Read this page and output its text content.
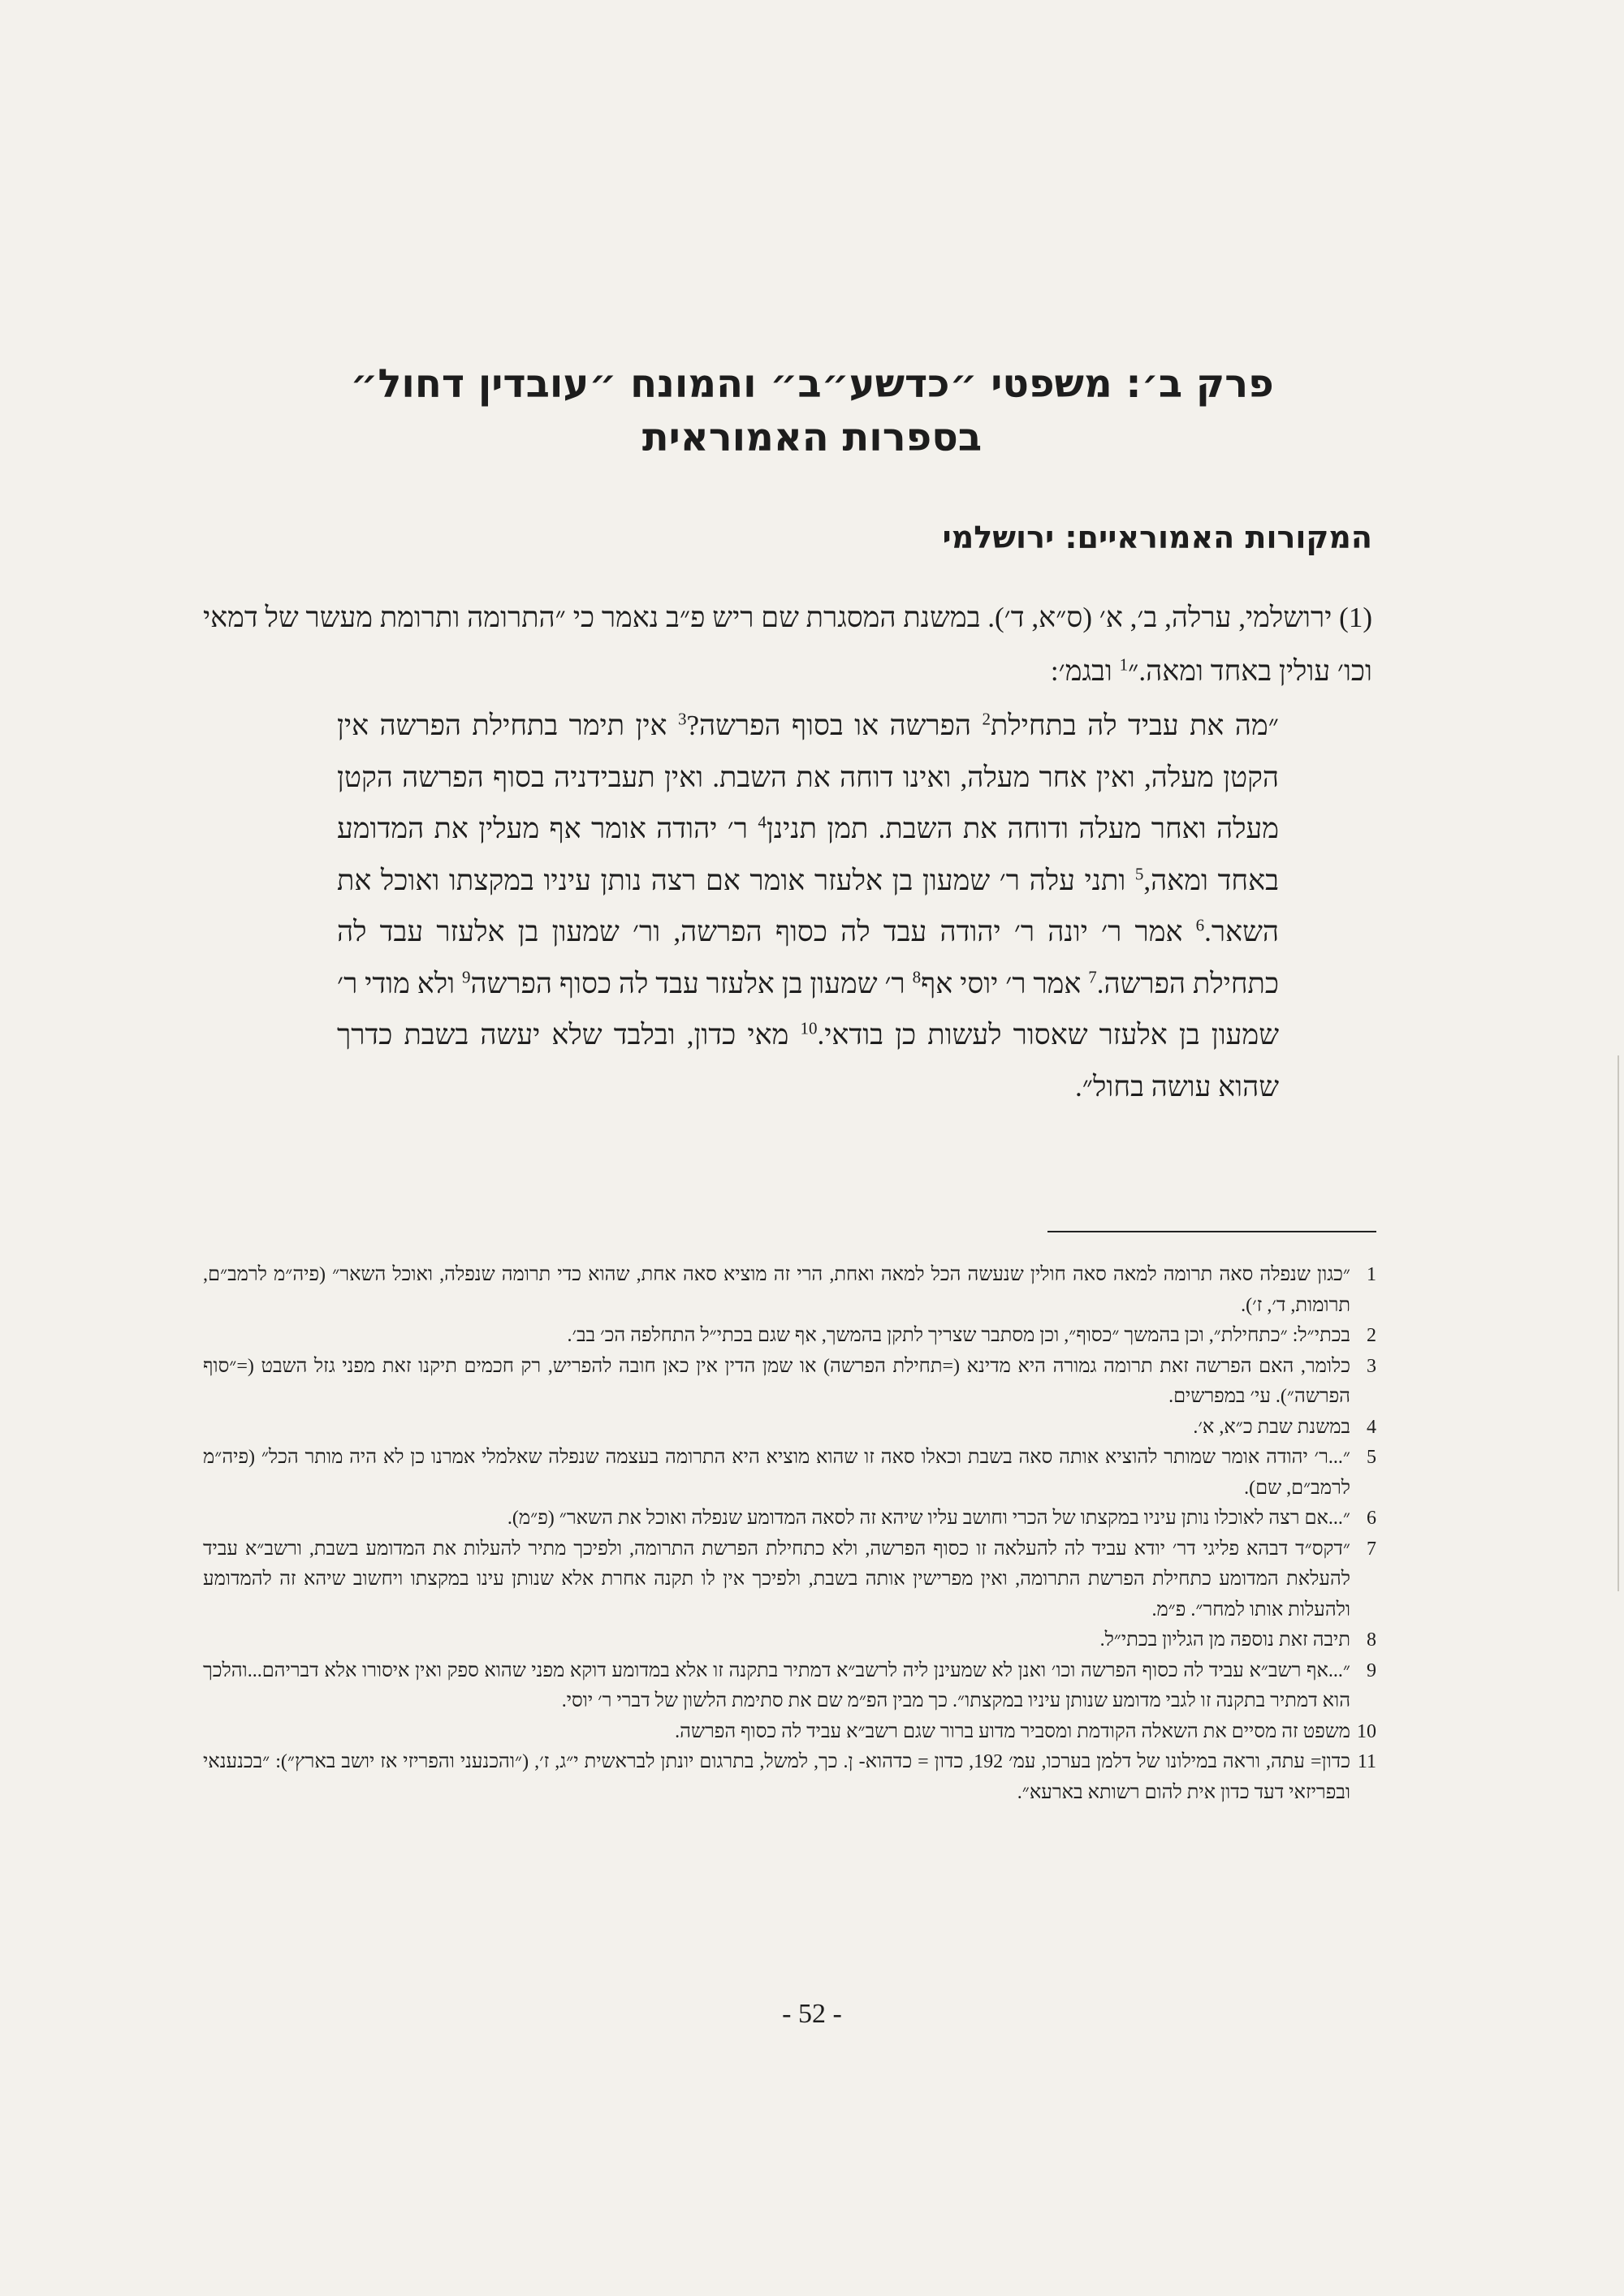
פרק ב׳: משפטי ״כדשע״ב״ והמונח ״עובדין דחול״
בספרות האמוראית
המקורות האמוראיים: ירושלמי

(1) ירושלמי, ערלה, ב׳, א׳ (ס״א, ד׳). במשנת המסגרת שם ריש פ״ב נאמר כי ״התרומה ותרומת מעשר של דמאי וכו׳ עולין באחד ומאה.״$^1$ ובגמ׳:

״מה את עביד לה בתחילת$^2$ הפרשה או בסוף הפרשה?$^3$ אין תימר בתחילת הפרשה אין הקטן מעלה, ואין אחר מעלה, ואינו דוחה את השבת. ואין תעבידניה בסוף הפרשה הקטן מעלה ואחר מעלה ודוחה את השבת. תמן תנינן$^4$ ר׳ יהודה אומר אף מעלין את המדומע באחד ומאה,$^5$ ותני עלה ר׳ שמעון בן אלעזר אומר אם רצה נותן עיניו במקצתו ואוכל את השאר.$^6$ אמר ר׳ יונה ר׳ יהודה עבד לה כסוף הפרשה, ור׳ שמעון בן אלעזר עבד לה כתחילת הפרשה.$^7$ אמר ר׳ יוסי אף$^8$ ר׳ שמעון בן אלעזר עבד לה כסוף הפרשה$^9$ ולא מודי ר׳ שמעון בן אלעזר שאסור לעשות כן בודאי.$^{10}$ מאי כדון, ובלבד שלא יעשה בשבת כדרך שהוא עושה בחול״.

1
״כגון שנפלה סאה תרומה למאה סאה חולין שנעשה הכל למאה ואחת, הרי זה מוציא סאה אחת, שהוא כדי תרומה שנפלה, ואוכל השאר״ (פיה״מ לרמב״ם, תרומות, ד׳, ז׳).
2
בכתי״ל: ״כתחילת״, וכן בהמשך ״כסוף״, וכן מסתבר שצריך לתקן בהמשך, אף שגם בכתי״ל התחלפה הכ׳ בב׳.
3
כלומר, האם הפרשה זאת תרומה גמורה היא מדינא (=תחילת הפרשה) או שמן הדין אין כאן חובה להפריש, רק חכמים תיקנו זאת מפני גזל השבט (=״סוף הפרשה״). עי׳ במפרשים.
4
במשנת שבת כ״א, א׳.
5
״...ר׳ יהודה אומר שמותר להוציא אותה סאה בשבת וכאלו סאה זו שהוא מוציא היא התרומה בעצמה שנפלה שאלמלי אמרנו כן לא היה מותר הכל״ (פיה״מ לרמב״ם, שם).
6
״...אם רצה לאוכלו נותן עיניו במקצתו של הכרי וחושב עליו שיהא זה לסאה המדומע שנפלה ואוכל את השאר״ (פ״מ).
7
״דקס״ד דבהא פליגי דר׳ יודא עביד לה להעלאה זו כסוף הפרשה, ולא כתחילת הפרשת התרומה, ולפיכך מתיר להעלות את המדומע בשבת, ורשב״א עביד להעלאת המדומע כתחילת הפרשת התרומה, ואין מפרישין אותה בשבת, ולפיכך אין לו תקנה אחרת אלא שנותן עינו במקצתו ויחשוב שיהא זה להמדומע ולהעלות אותו למחר״. פ״מ.
8
תיבה זאת נוספה מן הגליון בכתי״ל.
9
״...אף רשב״א עביד לה כסוף הפרשה וכו׳ ואנן לא שמעינן ליה לרשב״א דמתיר בתקנה זו אלא במדומע דוקא מפני שהוא ספק ואין איסורו אלא דבריהם...והלכך הוא דמתיר בתקנה זו לגבי מדומע שנותן עיניו במקצתו״. כך מבין הפ״מ שם את סתימת הלשון של דברי ר׳ יוסי.
10
משפט זה מסיים את השאלה הקודמת ומסביר מדוע ברור שגם רשב״א עביד לה כסוף הפרשה.
11
כדון= עתה, וראה במילונו של דלמן בערכו, עמ׳ 192, כדון = כדהוא- ן. כך, למשל, בתרגום יונתן לבראשית י״ג, ז׳, (״והכנעני והפריזי אז יושב בארץ״): ״בכנענאי ובפריזאי דעד כדון אית להום רשותא בארעא״.
- 52 -
